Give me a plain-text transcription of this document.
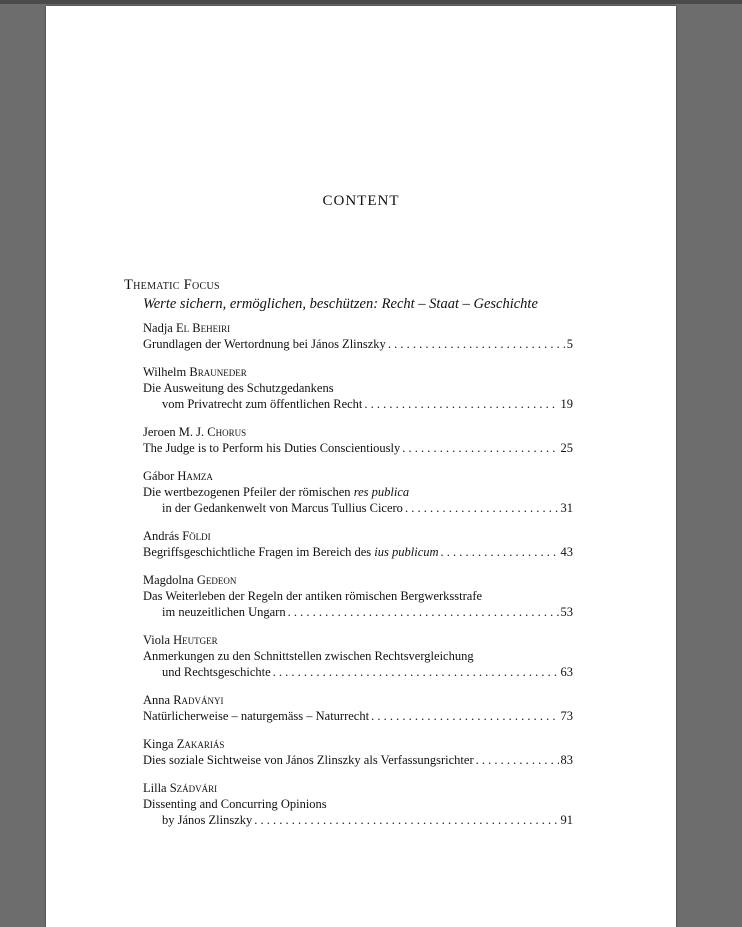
CONTENT
Thematic Focus
Werte sichern, ermöglichen, beschützen: Recht – Staat – Geschichte
Nadja El Beheiri
Grundlagen der Wertordnung bei János Zlinszky . . .	5
Wilhelm Brauneder
Die Ausweitung des Schutzgedankens
vom Privatrecht zum öffentlichen Recht . . .	19
Jeroen M. J. Chorus
The Judge is to Perform his Duties Conscientiously . . .	25
Gábor Hamza
Die wertbezogenen Pfeiler der römischen res publica
in der Gedankenwelt von Marcus Tullius Cicero . . .	31
András Földi
Begriffsgeschichtliche Fragen im Bereich des ius publicum . . .	43
Magdolna Gedeon
Das Weiterleben der Regeln der antiken römischen Bergwerksstrafe
im neuzeitlichen Ungarn . . .	53
Viola Heutger
Anmerkungen zu den Schnittstellen zwischen Rechtsvergleichung
und Rechtsgeschichte . . .	63
Anna Radványi
Natürlicherweise – naturgemäss – Naturrecht . . .	73
Kinga Zakariás
Dies soziale Sichtweise von János Zlinszky als Verfassungsrichter . . .	83
Lilla Szádvári
Dissenting and Concurring Opinions
by János Zlinszky . . .	91
